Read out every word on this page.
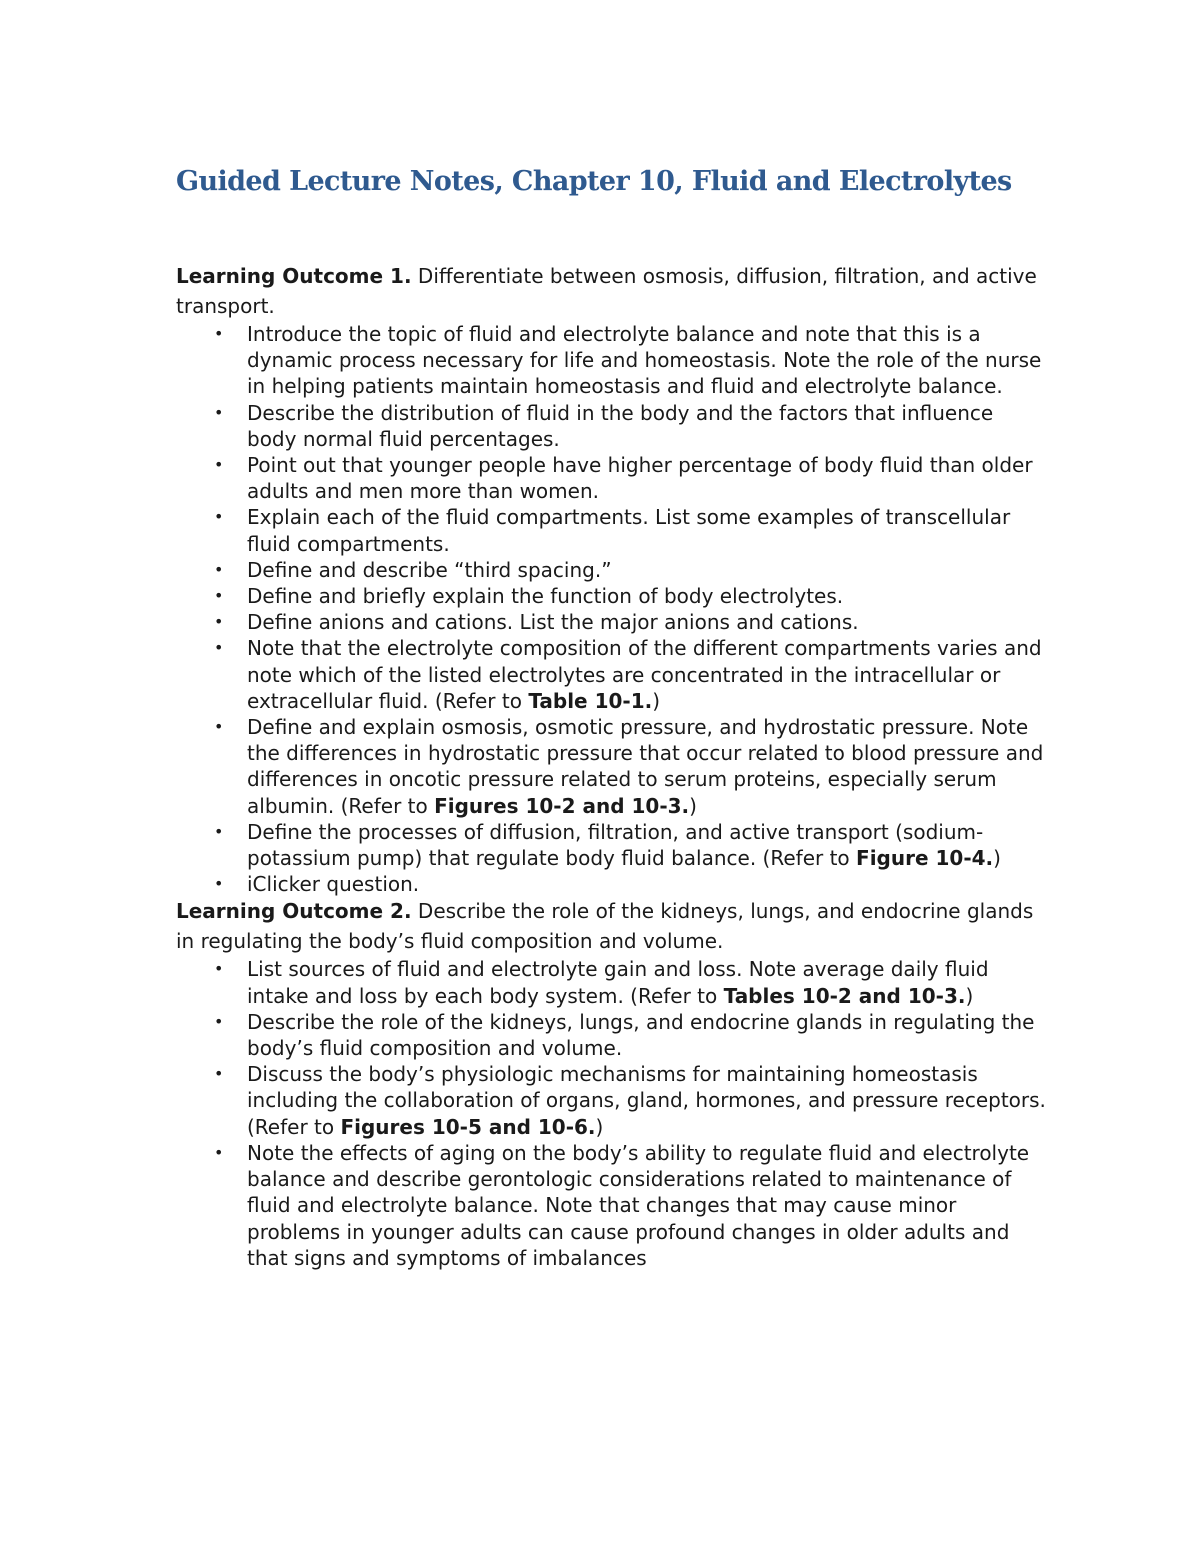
Guided Lecture Notes, Chapter 10, Fluid and Electrolytes

Learning Outcome 1. Differentiate between osmosis, diffusion, filtration, and active transport.

• Introduce the topic of fluid and electrolyte balance and note that this is a dynamic process necessary for life and homeostasis. Note the role of the nurse in helping patients maintain homeostasis and fluid and electrolyte balance.
• Describe the distribution of fluid in the body and the factors that influence body normal fluid percentages.
• Point out that younger people have higher percentage of body fluid than older adults and men more than women.
• Explain each of the fluid compartments. List some examples of transcellular fluid compartments.
• Define and describe “third spacing.”
• Define and briefly explain the function of body electrolytes.
• Define anions and cations. List the major anions and cations.
• Note that the electrolyte composition of the different compartments varies and note which of the listed electrolytes are concentrated in the intracellular or extracellular fluid. (Refer to Table 10-1.)
• Define and explain osmosis, osmotic pressure, and hydrostatic pressure. Note the differences in hydrostatic pressure that occur related to blood pressure and differences in oncotic pressure related to serum proteins, especially serum albumin. (Refer to Figures 10-2 and 10-3.)
• Define the processes of diffusion, filtration, and active transport (sodium-potassium pump) that regulate body fluid balance. (Refer to Figure 10-4.)
• iClicker question.

Learning Outcome 2. Describe the role of the kidneys, lungs, and endocrine glands in regulating the body’s fluid composition and volume.

• List sources of fluid and electrolyte gain and loss. Note average daily fluid intake and loss by each body system. (Refer to Tables 10-2 and 10-3.)
• Describe the role of the kidneys, lungs, and endocrine glands in regulating the body’s fluid composition and volume.
• Discuss the body’s physiologic mechanisms for maintaining homeostasis including the collaboration of organs, gland, hormones, and pressure receptors. (Refer to Figures 10-5 and 10-6.)
• Note the effects of aging on the body’s ability to regulate fluid and electrolyte balance and describe gerontologic considerations related to maintenance of fluid and electrolyte balance. Note that changes that may cause minor problems in younger adults can cause profound changes in older adults and that signs and symptoms of imbalances
